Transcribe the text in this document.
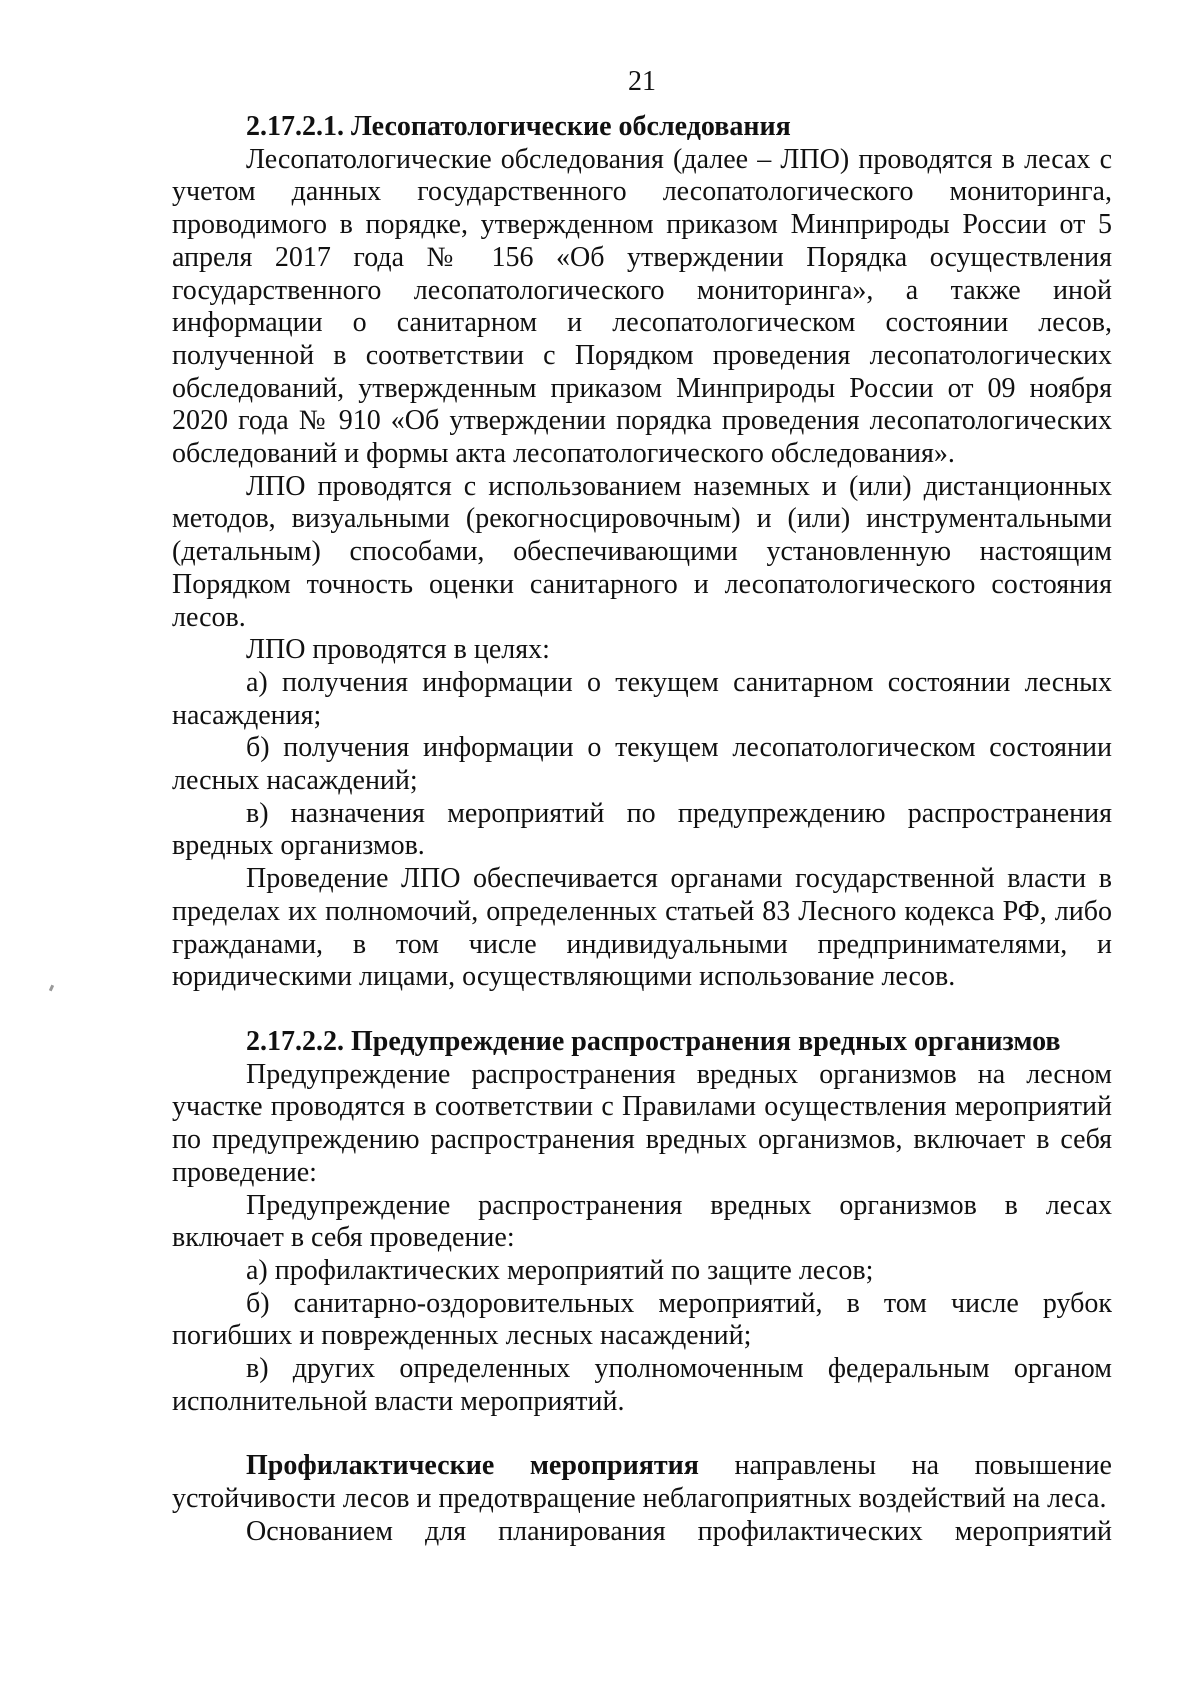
21
2.17.2.1. Лесопатологические обследования

Лесопатологические обследования (далее – ЛПО) проводятся в лесах с учетом данных государственного лесопатологического мониторинга, проводимого в порядке, утвержденном приказом Минприроды России от 5 апреля 2017 года № 156 «Об утверждении Порядка осуществления государственного лесопатологического мониторинга», а также иной информации о санитарном и лесопатологическом состоянии лесов, полученной в соответствии с Порядком проведения лесопатологических обследований, утвержденным приказом Минприроды России от 09 ноября 2020 года № 910 «Об утверждении порядка проведения лесопатологических обследований и формы акта лесопатологического обследования».

ЛПО проводятся с использованием наземных и (или) дистанционных методов, визуальными (рекогносцировочным) и (или) инструментальными (детальным) способами, обеспечивающими установленную настоящим Порядком точность оценки санитарного и лесопатологического состояния лесов.

ЛПО проводятся в целях:

а) получения информации о текущем санитарном состоянии лесных насаждения;

б) получения информации о текущем лесопатологическом состоянии лесных насаждений;

в) назначения мероприятий по предупреждению распространения вредных организмов.

Проведение ЛПО обеспечивается органами государственной власти в пределах их полномочий, определенных статьей 83 Лесного кодекса РФ, либо гражданами, в том числе индивидуальными предпринимателями, и юридическими лицами, осуществляющими использование лесов.

2.17.2.2. Предупреждение распространения вредных организмов

Предупреждение распространения вредных организмов на лесном участке проводятся в соответствии с Правилами осуществления мероприятий по предупреждению распространения вредных организмов, включает в себя проведение:

Предупреждение распространения вредных организмов в лесах включает в себя проведение:

а) профилактических мероприятий по защите лесов;

б) санитарно-оздоровительных мероприятий, в том числе рубок погибших и поврежденных лесных насаждений;

в) других определенных уполномоченным федеральным органом исполнительной власти мероприятий.

Профилактические мероприятия направлены на повышение устойчивости лесов и предотвращение неблагоприятных воздействий на леса.

Основанием для планирования профилактических мероприятий
